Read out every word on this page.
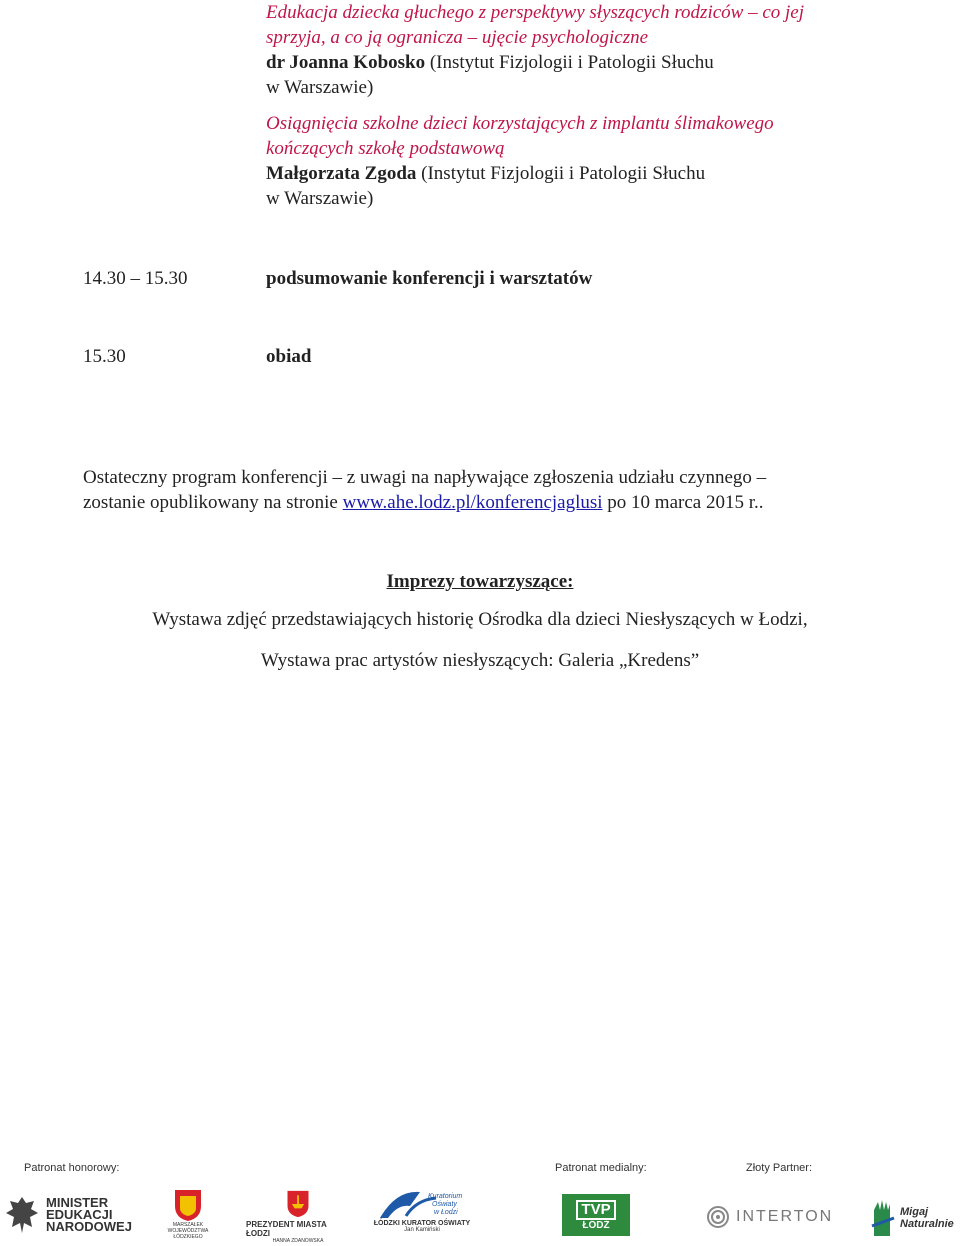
Edukacja dziecka głuchego z perspektywy słyszących rodziców – co jej
sprzyja, a co ją ogranicza – ujęcie psychologiczne
dr Joanna Kobosko (Instytut Fizjologii i Patologii Słuchu
w Warszawie)
Osiągnięcia szkolne dzieci korzystających z implantu ślimakowego
kończących szkołę podstawową
Małgorzata Zgoda (Instytut Fizjologii i Patologii Słuchu
w Warszawie)
14.30 – 15.30	podsumowanie konferencji i warsztatów
15.30	obiad
Ostateczny program konferencji – z uwagi na napływające zgłoszenia udziału czynnego –
zostanie opublikowany na stronie www.ahe.lodz.pl/konferencjaglusi po 10 marca 2015 r..
Imprezy towarzyszące:
Wystawa zdjęć przedstawiających historię Ośrodka dla dzieci Niesłyszących w Łodzi,
Wystawa prac artystów niesłyszących: Galeria „Kredens”
Patronat honorowy:	Patronat medialny:	Złoty Partner:
MINISTER
EDUKACJI
NARODOWEJ	MARSZAŁEK WOJEWÓDZTWA ŁÓDZKIEGO
PREZYDENT MIASTA ŁODZI
HANNA ZDANOWSKA
Kuratorium
Oświaty
w Łodzi
ŁÓDZKI KURATOR OŚWIATY
Jan Kamiński
TVP
ŁÓDŹ	INTERTON	Migaj Naturalnie
